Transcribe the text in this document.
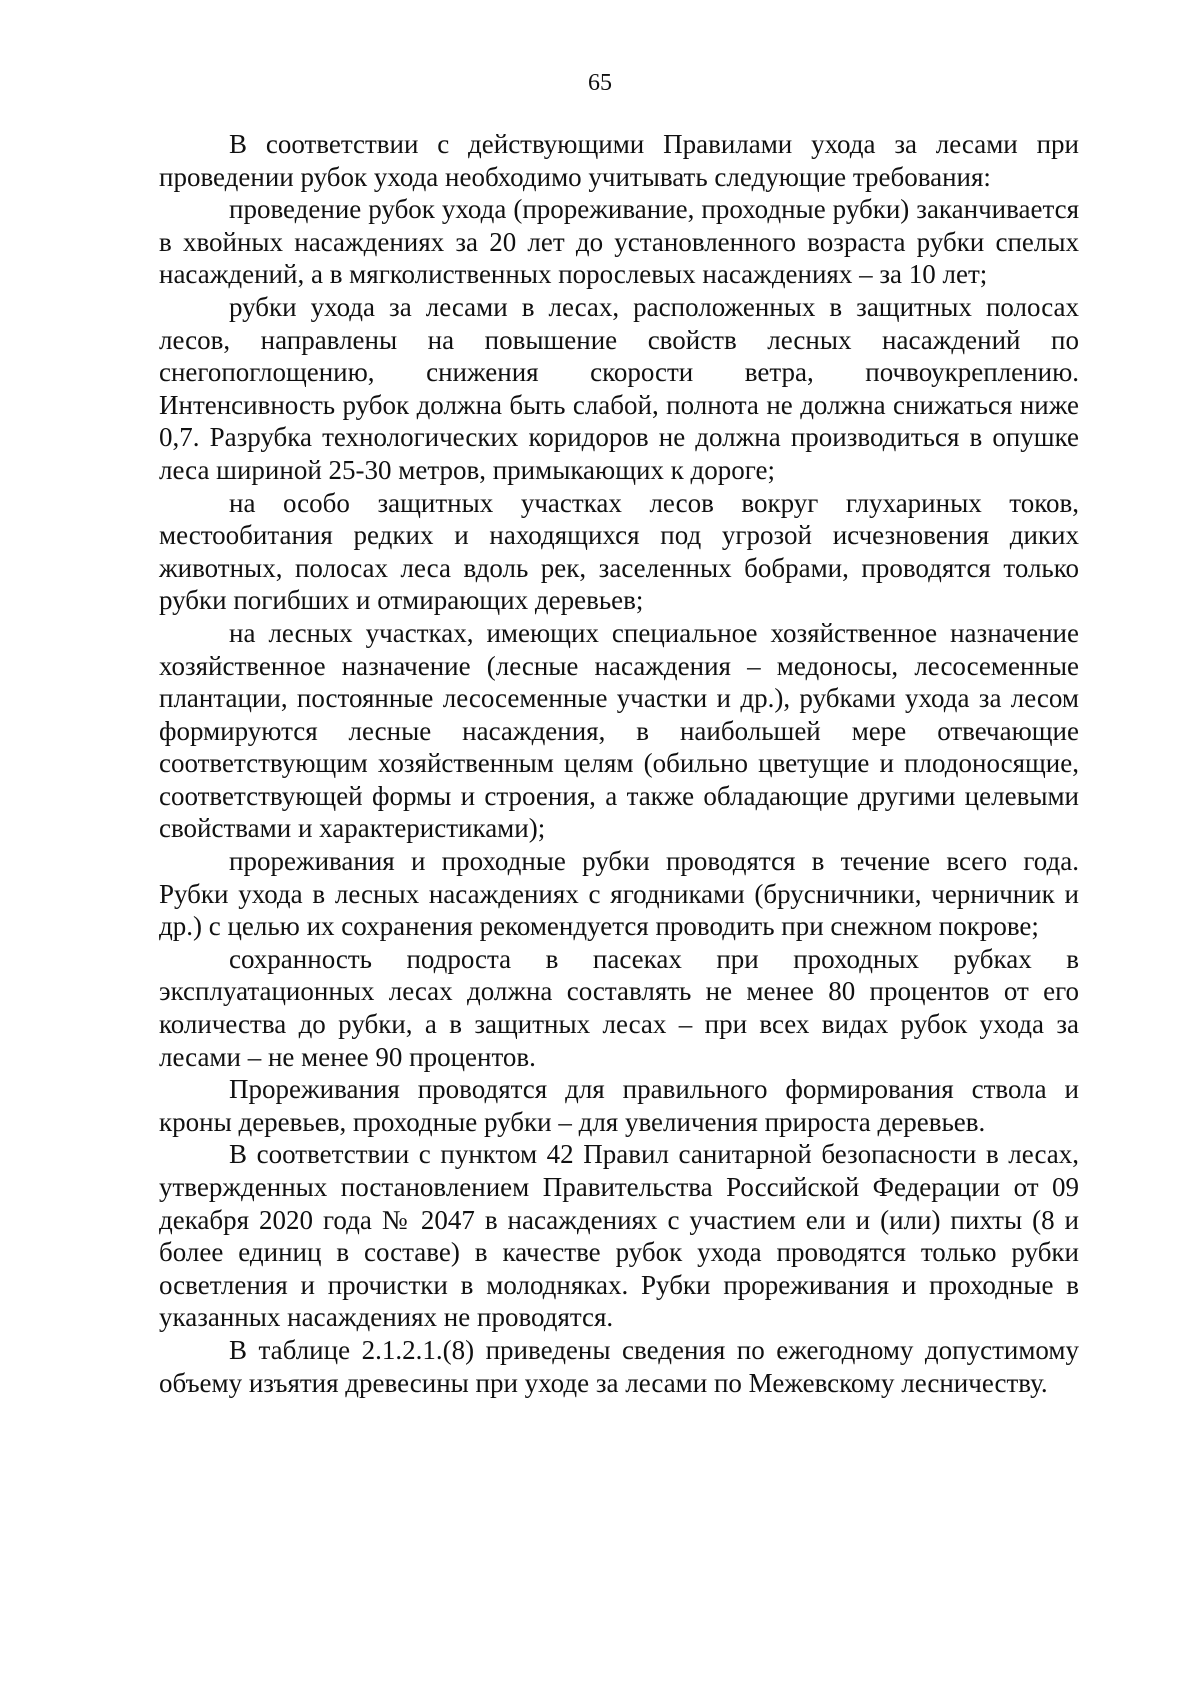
65

В соответствии с действующими Правилами ухода за лесами при проведении рубок ухода необходимо учитывать следующие требования:

проведение рубок ухода (прореживание, проходные рубки) заканчивается в хвойных насаждениях за 20 лет до установленного возраста рубки спелых насаждений, а в мягколиственных порослевых насаждениях – за 10 лет;

рубки ухода за лесами в лесах, расположенных в защитных полосах лесов, направлены на повышение свойств лесных насаждений по снегопоглощению, снижения скорости ветра, почвоукреплению. Интенсивность рубок должна быть слабой, полнота не должна снижаться ниже 0,7. Разрубка технологических коридоров не должна производиться в опушке леса шириной 25-30 метров, примыкающих к дороге;

на особо защитных участках лесов вокруг глухариных токов, местообитания редких и находящихся под угрозой исчезновения диких животных, полосах леса вдоль рек, заселенных бобрами, проводятся только рубки погибших и отмирающих деревьев;

на лесных участках, имеющих специальное хозяйственное назначение хозяйственное назначение (лесные насаждения – медоносы, лесосеменные плантации, постоянные лесосеменные участки и др.), рубками ухода за лесом формируются лесные насаждения, в наибольшей мере отвечающие соответствующим хозяйственным целям (обильно цветущие и плодоносящие, соответствующей формы и строения, а также обладающие другими целевыми свойствами и характеристиками);

прореживания и проходные рубки проводятся в течение всего года. Рубки ухода в лесных насаждениях с ягодниками (брусничники, черничник и др.) с целью их сохранения рекомендуется проводить при снежном покрове;

сохранность подроста в пасеках при проходных рубках в эксплуатационных лесах должна составлять не менее 80 процентов от его количества до рубки, а в защитных лесах – при всех видах рубок ухода за лесами – не менее 90 процентов.

Прореживания проводятся для правильного формирования ствола и кроны деревьев, проходные рубки – для увеличения прироста деревьев.

В соответствии с пунктом 42 Правил санитарной безопасности в лесах, утвержденных постановлением Правительства Российской Федерации от 09 декабря 2020 года № 2047 в насаждениях с участием ели и (или) пихты (8 и более единиц в составе) в качестве рубок ухода проводятся только рубки осветления и прочистки в молодняках. Рубки прореживания и проходные в указанных насаждениях не проводятся.

В таблице 2.1.2.1.(8) приведены сведения по ежегодному допустимому объему изъятия древесины при уходе за лесами по Межевскому лесничеству.
